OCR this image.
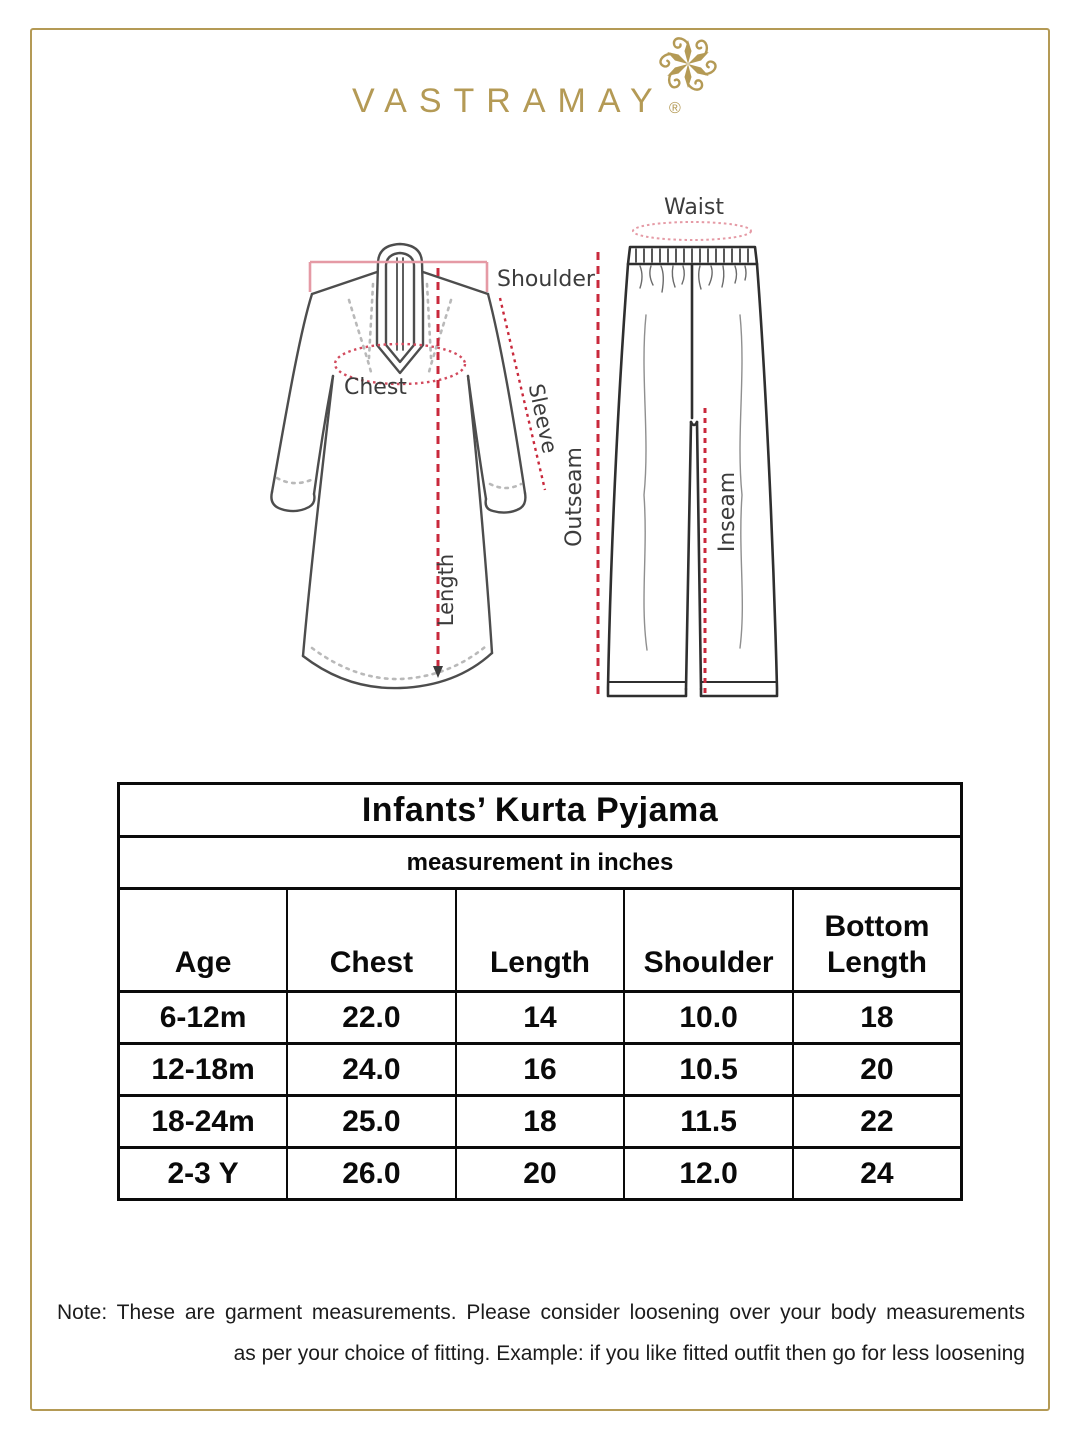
VASTRAMAY ®
Shoulder
Chest	Sleeve
Length
Waist
Outseam	Inseam
Infants’ Kurta Pyjama				
measurement in inches				
Age	Chest	Length	Shoulder	Bottom Length
6-12m	22.0	14	10.0	18
12-18m	24.0	16	10.5	20
18-24m	25.0	18	11.5	22
2-3 Y	26.0	20	12.0	24
Note: These are garment measurements. Please consider loosening over your body measurements
as per your choice of fitting. Example: if you like fitted outfit then go for less loosening
